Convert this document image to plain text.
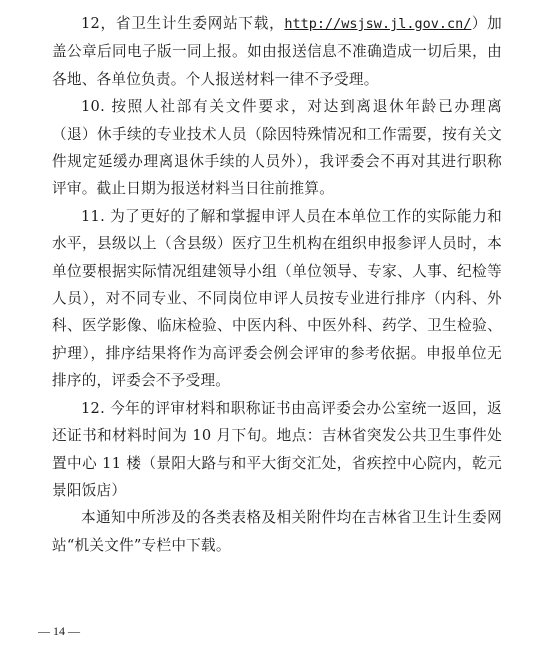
12，省卫生计生委网站下载，http://wsjsw.jl.gov.cn/）加盖公章后同电子版一同上报。如由报送信息不准确造成一切后果，由各地、各单位负责。个人报送材料一律不予受理。

10. 按照人社部有关文件要求，对达到离退休年龄已办理离（退）休手续的专业技术人员（除因特殊情况和工作需要，按有关文件规定延缓办理离退休手续的人员外），我评委会不再对其进行职称评审。截止日期为报送材料当日往前推算。

11. 为了更好的了解和掌握申评人员在本单位工作的实际能力和水平，县级以上（含县级）医疗卫生机构在组织申报参评人员时，本单位要根据实际情况组建领导小组（单位领导、专家、人事、纪检等人员），对不同专业、不同岗位申评人员按专业进行排序（内科、外科、医学影像、临床检验、中医内科、中医外科、药学、卫生检验、护理），排序结果将作为高评委会例会评审的参考依据。申报单位无排序的，评委会不予受理。

12. 今年的评审材料和职称证书由高评委会办公室统一返回，返还证书和材料时间为 10 月下旬。地点：吉林省突发公共卫生事件处置中心 11 楼（景阳大路与和平大街交汇处，省疾控中心院内，乾元景阳饭店）

本通知中所涉及的各类表格及相关附件均在吉林省卫生计生委网站“机关文件”专栏中下载。

— 14 —
